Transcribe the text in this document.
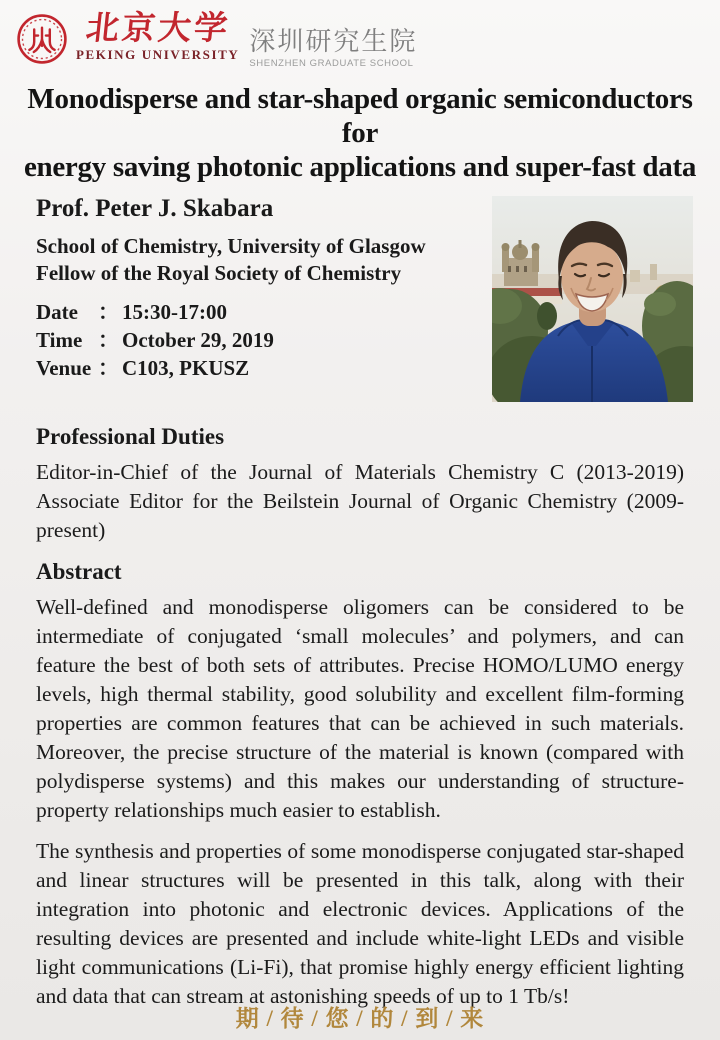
北京大学
PEKING UNIVERSITY 深圳研究生院
SHENZHEN GRADUATE SCHOOL
Monodisperse and star-shaped organic semiconductors for
energy saving photonic applications and super-fast data
Prof. Peter J. Skabara
School of Chemistry, University of Glasgow
Fellow of the Royal Society of Chemistry
Date ： 15:30-17:00
Time ： October 29, 2019
Venue ： C103, PKUSZ
Professional Duties

Editor-in-Chief of the Journal of Materials Chemistry C (2013-2019) Associate Editor for the Beilstein Journal of Organic Chemistry (2009-present)

Abstract

Well-defined and monodisperse oligomers can be considered to be intermediate of conjugated ‘small molecules’ and polymers, and can feature the best of both sets of attributes. Precise HOMO/LUMO energy levels, high thermal stability, good solubility and excellent film-forming properties are common features that can be achieved in such materials. Moreover, the precise structure of the material is known (compared with polydisperse systems) and this makes our understanding of structure-property relationships much easier to establish.

The synthesis and properties of some monodisperse conjugated star-shaped and linear structures will be presented in this talk, along with their integration into photonic and electronic devices. Applications of the resulting devices are presented and include white-light LEDs and visible light communications (Li-Fi), that promise highly energy efficient lighting and data that can stream at astonishing speeds of up to 1 Tb/s!

期 / 待 / 您 / 的 / 到 / 来
